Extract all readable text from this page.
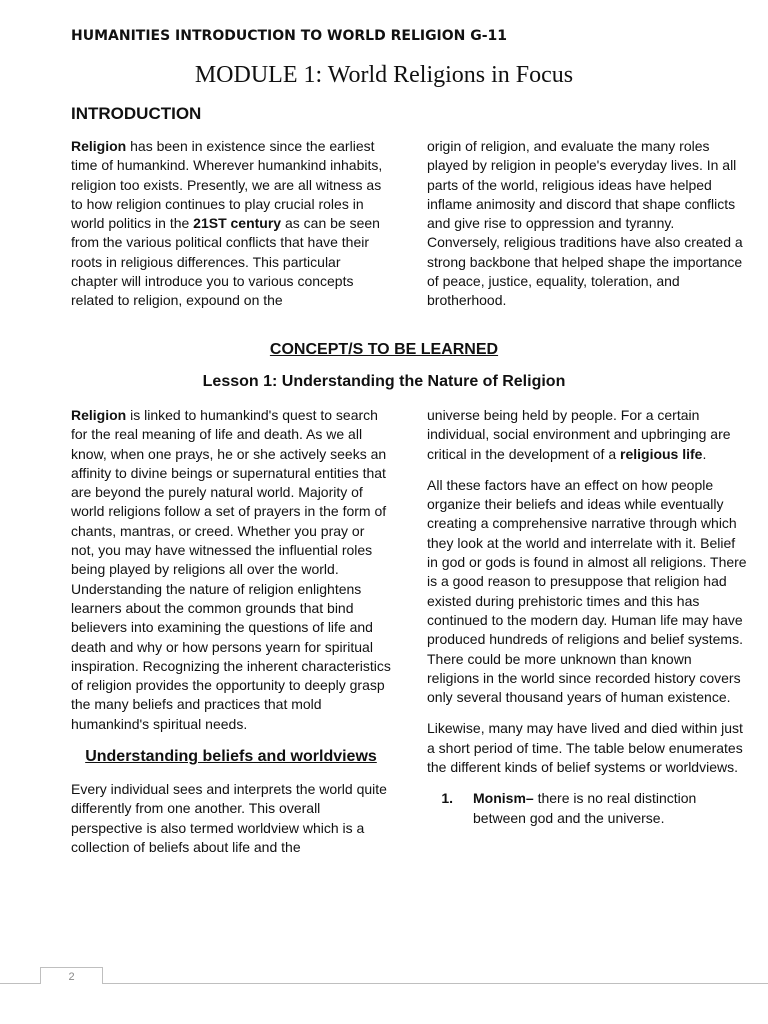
HUMANITIES INTRODUCTION TO WORLD RELIGION G-11
MODULE 1: World Religions in Focus
INTRODUCTION

Religion has been in existence since the earliest time of humankind. Wherever humankind inhabits, religion too exists. Presently, we are all witness as to how religion continues to play crucial roles in world politics in the 21ST century as can be seen from the various political conflicts that have their roots in religious differences. This particular chapter will introduce you to various concepts related to religion, expound on the

origin of religion, and evaluate the many roles played by religion in people's everyday lives. In all parts of the world, religious ideas have helped inflame animosity and discord that shape conflicts and give rise to oppression and tyranny. Conversely, religious traditions have also created a strong backbone that helped shape the importance of peace, justice, equality, toleration, and brotherhood.

CONCEPT/S TO BE LEARNED
Lesson 1: Understanding the Nature of Religion

Religion is linked to humankind's quest to search for the real meaning of life and death. As we all know, when one prays, he or she actively seeks an affinity to divine beings or supernatural entities that are beyond the purely natural world. Majority of world religions follow a set of prayers in the form of chants, mantras, or creed. Whether you pray or not, you may have witnessed the influential roles being played by religions all over the world. Understanding the nature of religion enlightens learners about the common grounds that bind believers into examining the questions of life and death and why or how persons yearn for spiritual inspiration. Recognizing the inherent characteristics of religion provides the opportunity to deeply grasp the many beliefs and practices that mold humankind's spiritual needs.

Understanding beliefs and worldviews

Every individual sees and interprets the world quite differently from one another. This overall perspective is also termed worldview which is a collection of beliefs about life and the

universe being held by people. For a certain individual, social environment and upbringing are critical in the development of a religious life.

All these factors have an effect on how people organize their beliefs and ideas while eventually creating a comprehensive narrative through which they look at the world and interrelate with it. Belief in god or gods is found in almost all religions. There is a good reason to presuppose that religion had existed during prehistoric times and this has continued to the modern day. Human life may have produced hundreds of religions and belief systems. There could be more unknown than known religions in the world since recorded history covers only several thousand years of human existence.

Likewise, many may have lived and died within just a short period of time. The table below enumerates the different kinds of belief systems or worldviews.

1.	Monism– there is no real distinction between god and the universe.
2
